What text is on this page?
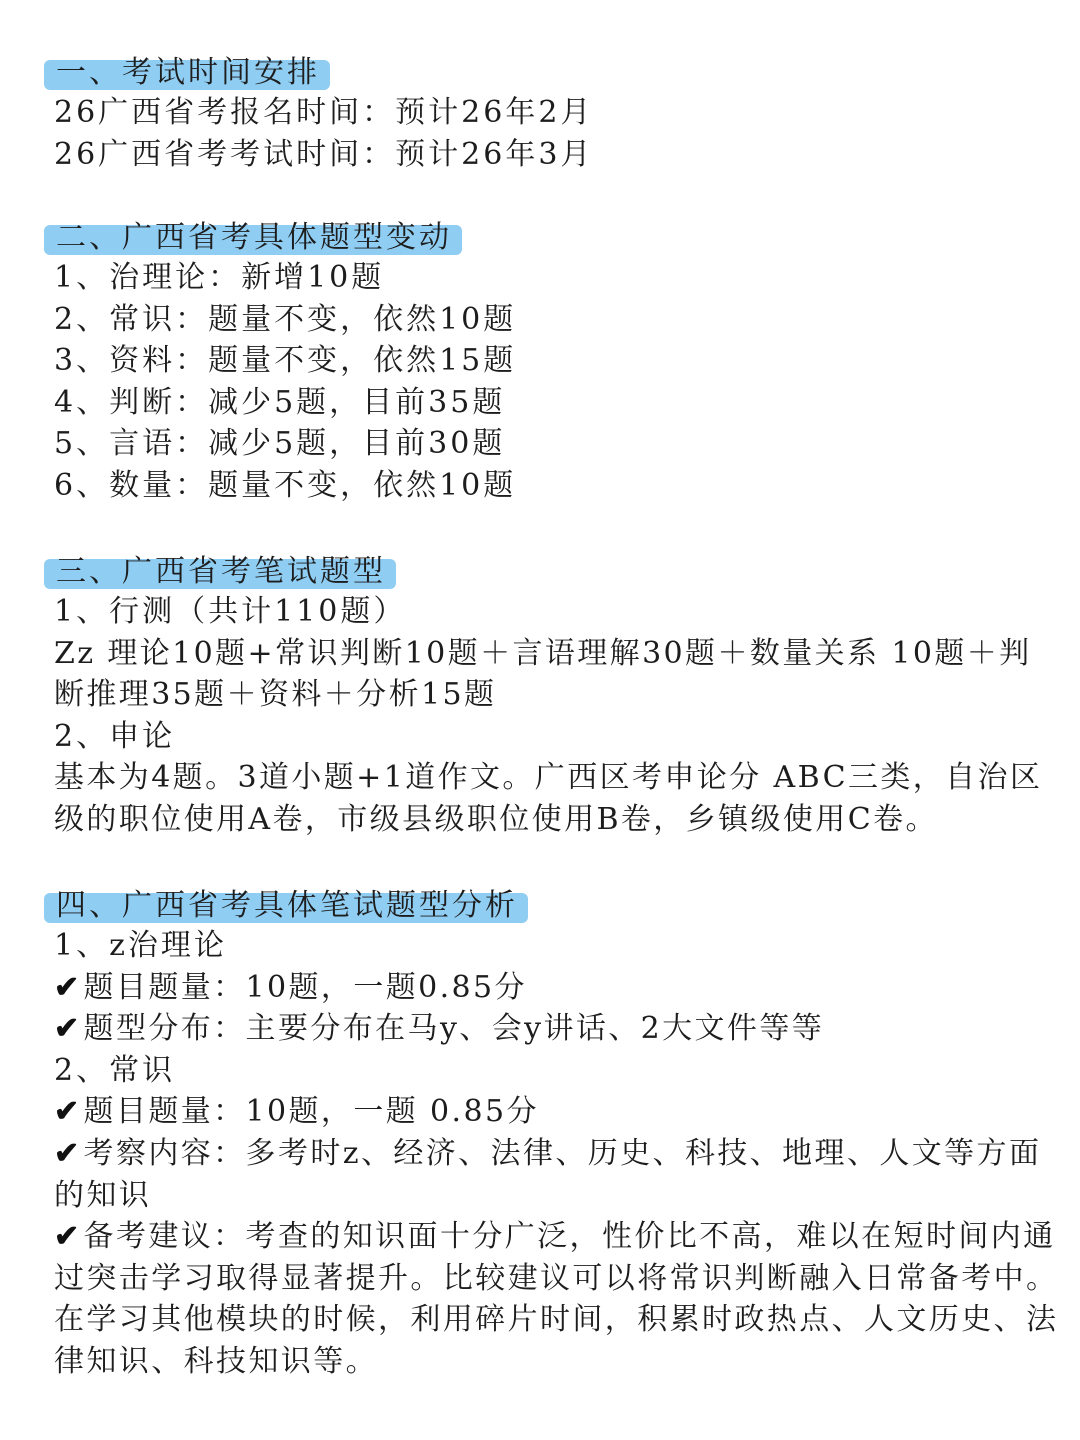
一、考试时间安排
26广西省考报名时间：预计26年2月
26广西省考考试时间：预计26年3月
二、广西省考具体题型变动
1、治理论：新增10题
2、常识：题量不变，依然10题
3、资料：题量不变，依然15题
4、判断：减少5题，目前35题
5、言语：减少5题，目前30题
6、数量：题量不变，依然10题
三、广西省考笔试题型
1、行测（共计110题）
Zz 理论10题+常识判断10题＋言语理解30题＋数量关系 10题＋判断推理35题＋资料＋分析15题
2、申论
基本为4题。3道小题+1道作文。广西区考申论分 ABC三类，自治区级的职位使用A卷，市级县级职位使用B卷，乡镇级使用C卷。
四、广西省考具体笔试题型分析
1、z治理论
✔题目题量：10题，一题0.85分
✔题型分布：主要分布在马y、会y讲话、2大文件等等
2、常识
✔题目题量：10题，一题 0.85分
✔考察内容：多考时z、经济、法律、历史、科技、地理、人文等方面的知识
✔备考建议：考查的知识面十分广泛，性价比不高，难以在短时间内通过突击学习取得显著提升。比较建议可以将常识判断融入日常备考中。在学习其他模块的时候，利用碎片时间，积累时政热点、人文历史、法律知识、科技知识等。
